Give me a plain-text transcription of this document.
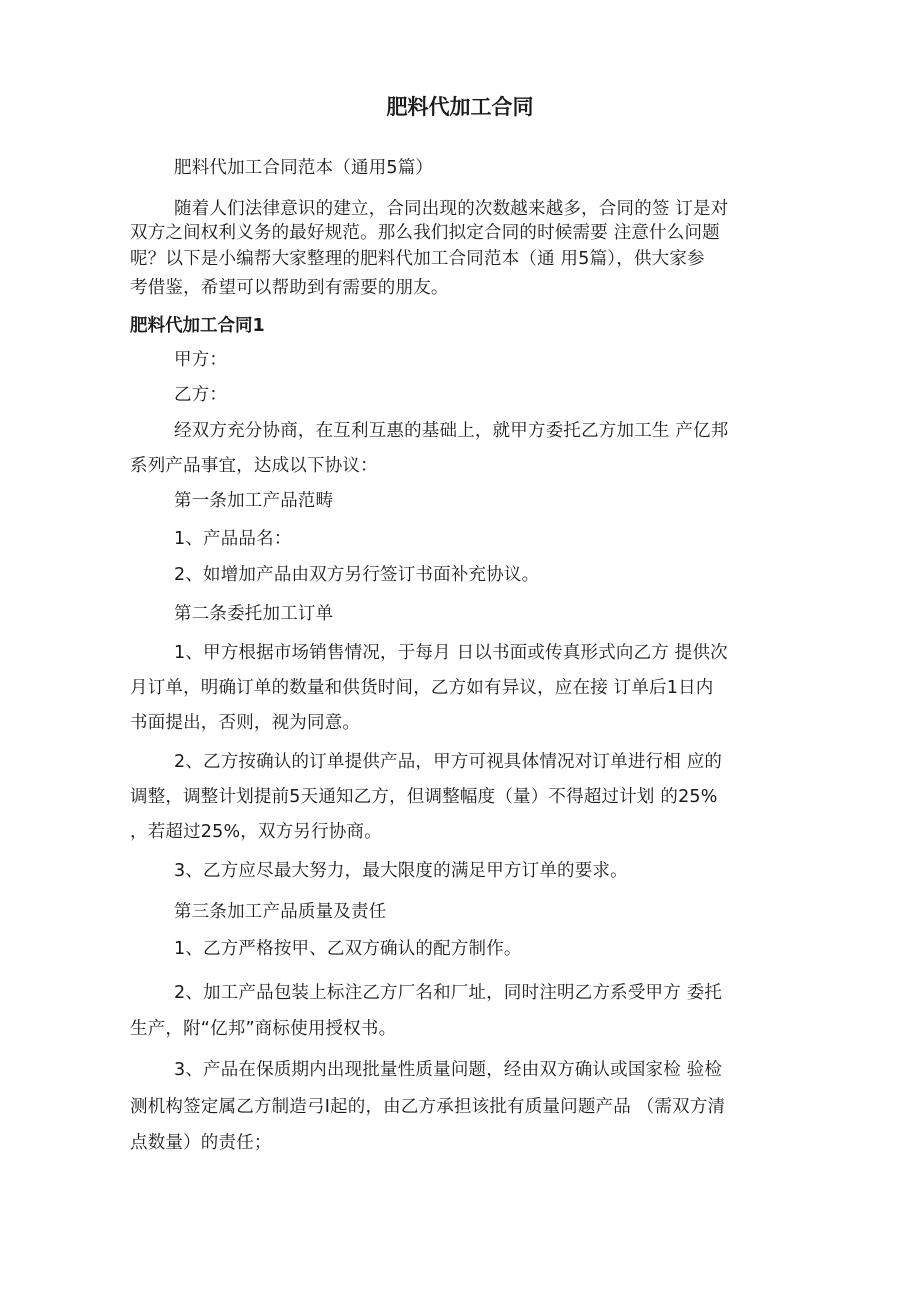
肥料代加工合同
肥料代加工合同范本（通用5篇）
随着人们法律意识的建立，合同出现的次数越来越多，合同的签 订是对
双方之间权利义务的最好规范。那么我们拟定合同的时候需要 注意什么问题
呢？以下是小编帮大家整理的肥料代加工合同范本（通 用5篇），供大家参
考借鉴，希望可以帮助到有需要的朋友。
肥料代加工合同1
甲方：
乙方：
经双方充分协商，在互利互惠的基础上，就甲方委托乙方加工生 产亿邦
系列产品事宜，达成以下协议：
第一条加工产品范畴
1、产品品名：
2、如增加产品由双方另行签订书面补充协议。
第二条委托加工订单
1、甲方根据市场销售情况，于每月 日以书面或传真形式向乙方 提供次
月订单，明确订单的数量和供货时间，乙方如有异议，应在接 订单后1日内
书面提出，否则，视为同意。
2、乙方按确认的订单提供产品，甲方可视具体情况对订单进行相 应的
调整，调整计划提前5天通知乙方，但调整幅度（量）不得超过计划 的25%
，若超过25%，双方另行协商。
3、乙方应尽最大努力，最大限度的满足甲方订单的要求。
第三条加工产品质量及责任
1、乙方严格按甲、乙双方确认的配方制作。
2、加工产品包装上标注乙方厂名和厂址，同时注明乙方系受甲方 委托
生产，附“亿邦”商标使用授权书。
3、产品在保质期内出现批量性质量问题，经由双方确认或国家检 验检
测机构签定属乙方制造弓I起的，由乙方承担该批有质量问题产品 （需双方清
点数量）的责任；
